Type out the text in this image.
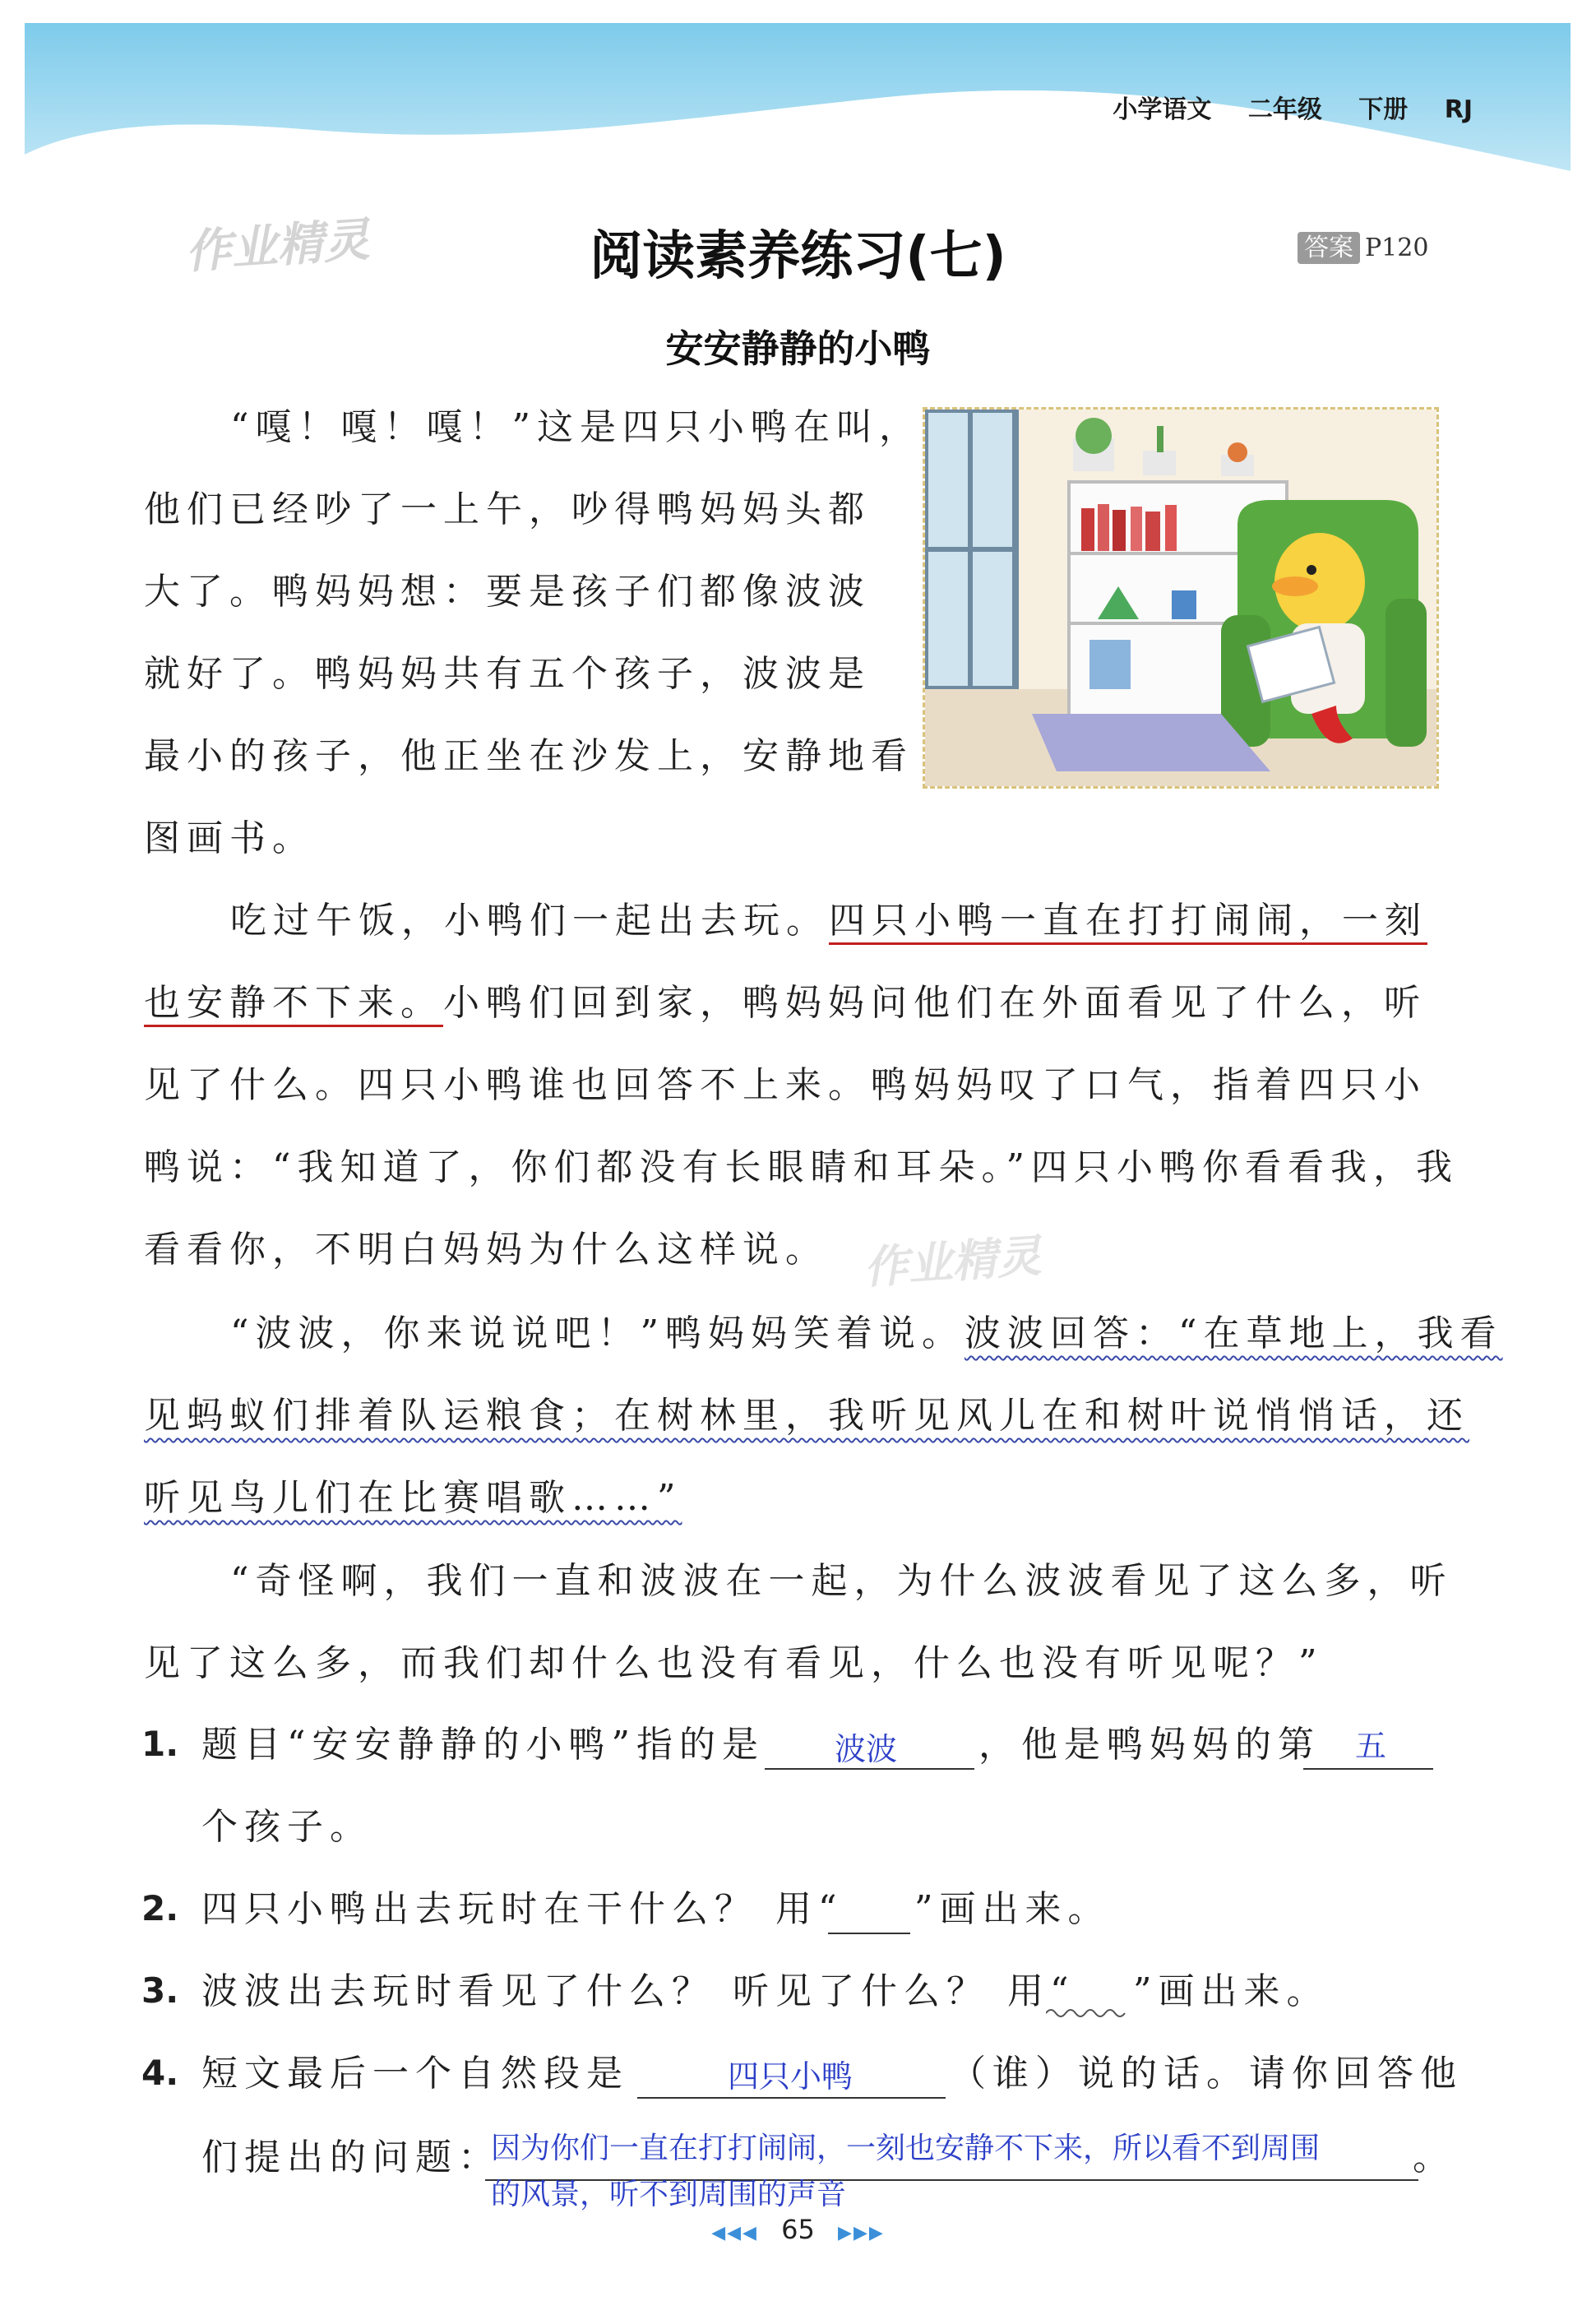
小学语文 二年级 下册 RJ
作业精灵
作业精灵
阅读素养练习(七)	答案 P120
安安静静的小鸭
“嘎！嘎！嘎！”这是四只小鸭在叫，
他们已经吵了一上午，吵得鸭妈妈头都
大了。鸭妈妈想：要是孩子们都像波波
就好了。鸭妈妈共有五个孩子，波波是
最小的孩子，他正坐在沙发上，安静地看
图画书。
吃过午饭，小鸭们一起出去玩。四只小鸭一直在打打闹闹，一刻
也安静不下来。小鸭们回到家，鸭妈妈问他们在外面看见了什么，听
见了什么。四只小鸭谁也回答不上来。鸭妈妈叹了口气，指着四只小
鸭说：“我知道了，你们都没有长眼睛和耳朵。”四只小鸭你看看我，我
看看你，不明白妈妈为什么这样说。
“波波，你来说说吧！”鸭妈妈笑着说。波波回答：“在草地上，我看
见蚂蚁们排着队运粮食；在树林里，我听见风儿在和树叶说悄悄话，还
听见鸟儿们在比赛唱歌……”
“奇怪啊，我们一直和波波在一起，为什么波波看见了这么多，听
见了这么多，而我们却什么也没有看见，什么也没有听见呢？”
1. 题目“安安静静的小鸭”指的是 波波 ，他是鸭妈妈的第 五
个孩子。
2. 四只小鸭出去玩时在干什么？ 用“ ”画出来。
3. 波波出去玩时看见了什么？ 听见了什么？ 用“ ”画出来。
4. 短文最后一个自然段是	四只小鸭	（谁）说的话。请你回答他
们提出的问题：
因为你们一直在打打闹闹，一刻也安静不下来，所以看不到周围
的风景，听不到周围的声音
。
◀◀◀ 65 ▶▶▶
